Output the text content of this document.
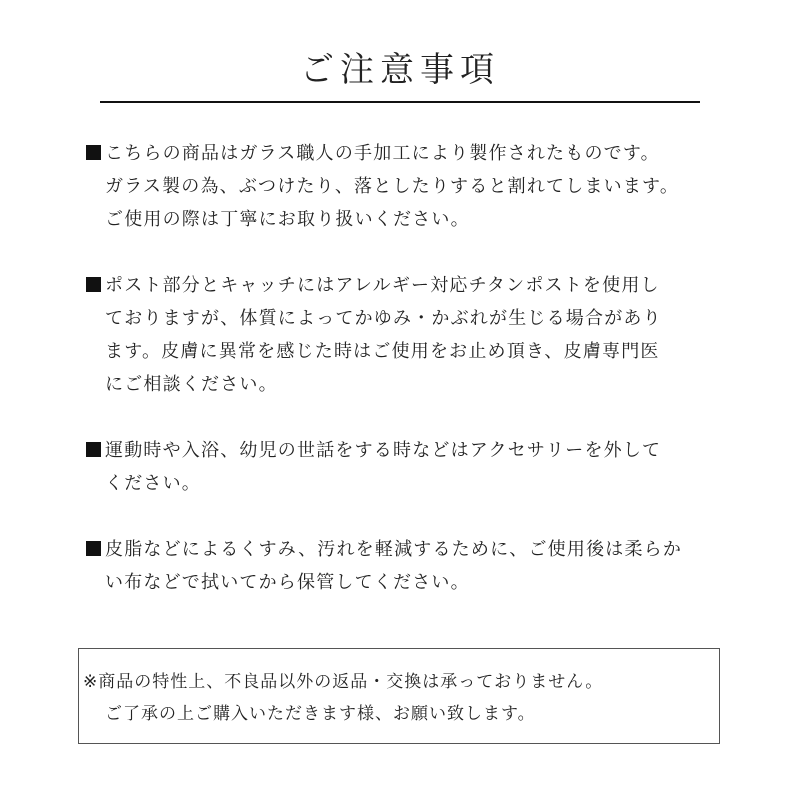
ご注意事項
こちらの商品はガラス職人の手加工により製作されたものです。
ガラス製の為、ぶつけたり、落としたりすると割れてしまいます。
ご使用の際は丁寧にお取り扱いください。
ポスト部分とキャッチにはアレルギー対応チタンポストを使用し
ておりますが、体質によってかゆみ・かぶれが生じる場合があり
ます。皮膚に異常を感じた時はご使用をお止め頂き、皮膚専門医
にご相談ください。
運動時や入浴、幼児の世話をする時などはアクセサリーを外して
ください。
皮脂などによるくすみ、汚れを軽減するために、ご使用後は柔らか
い布などで拭いてから保管してください。
※商品の特性上、不良品以外の返品・交換は承っておりません。
ご了承の上ご購入いただきます様、お願い致します。
